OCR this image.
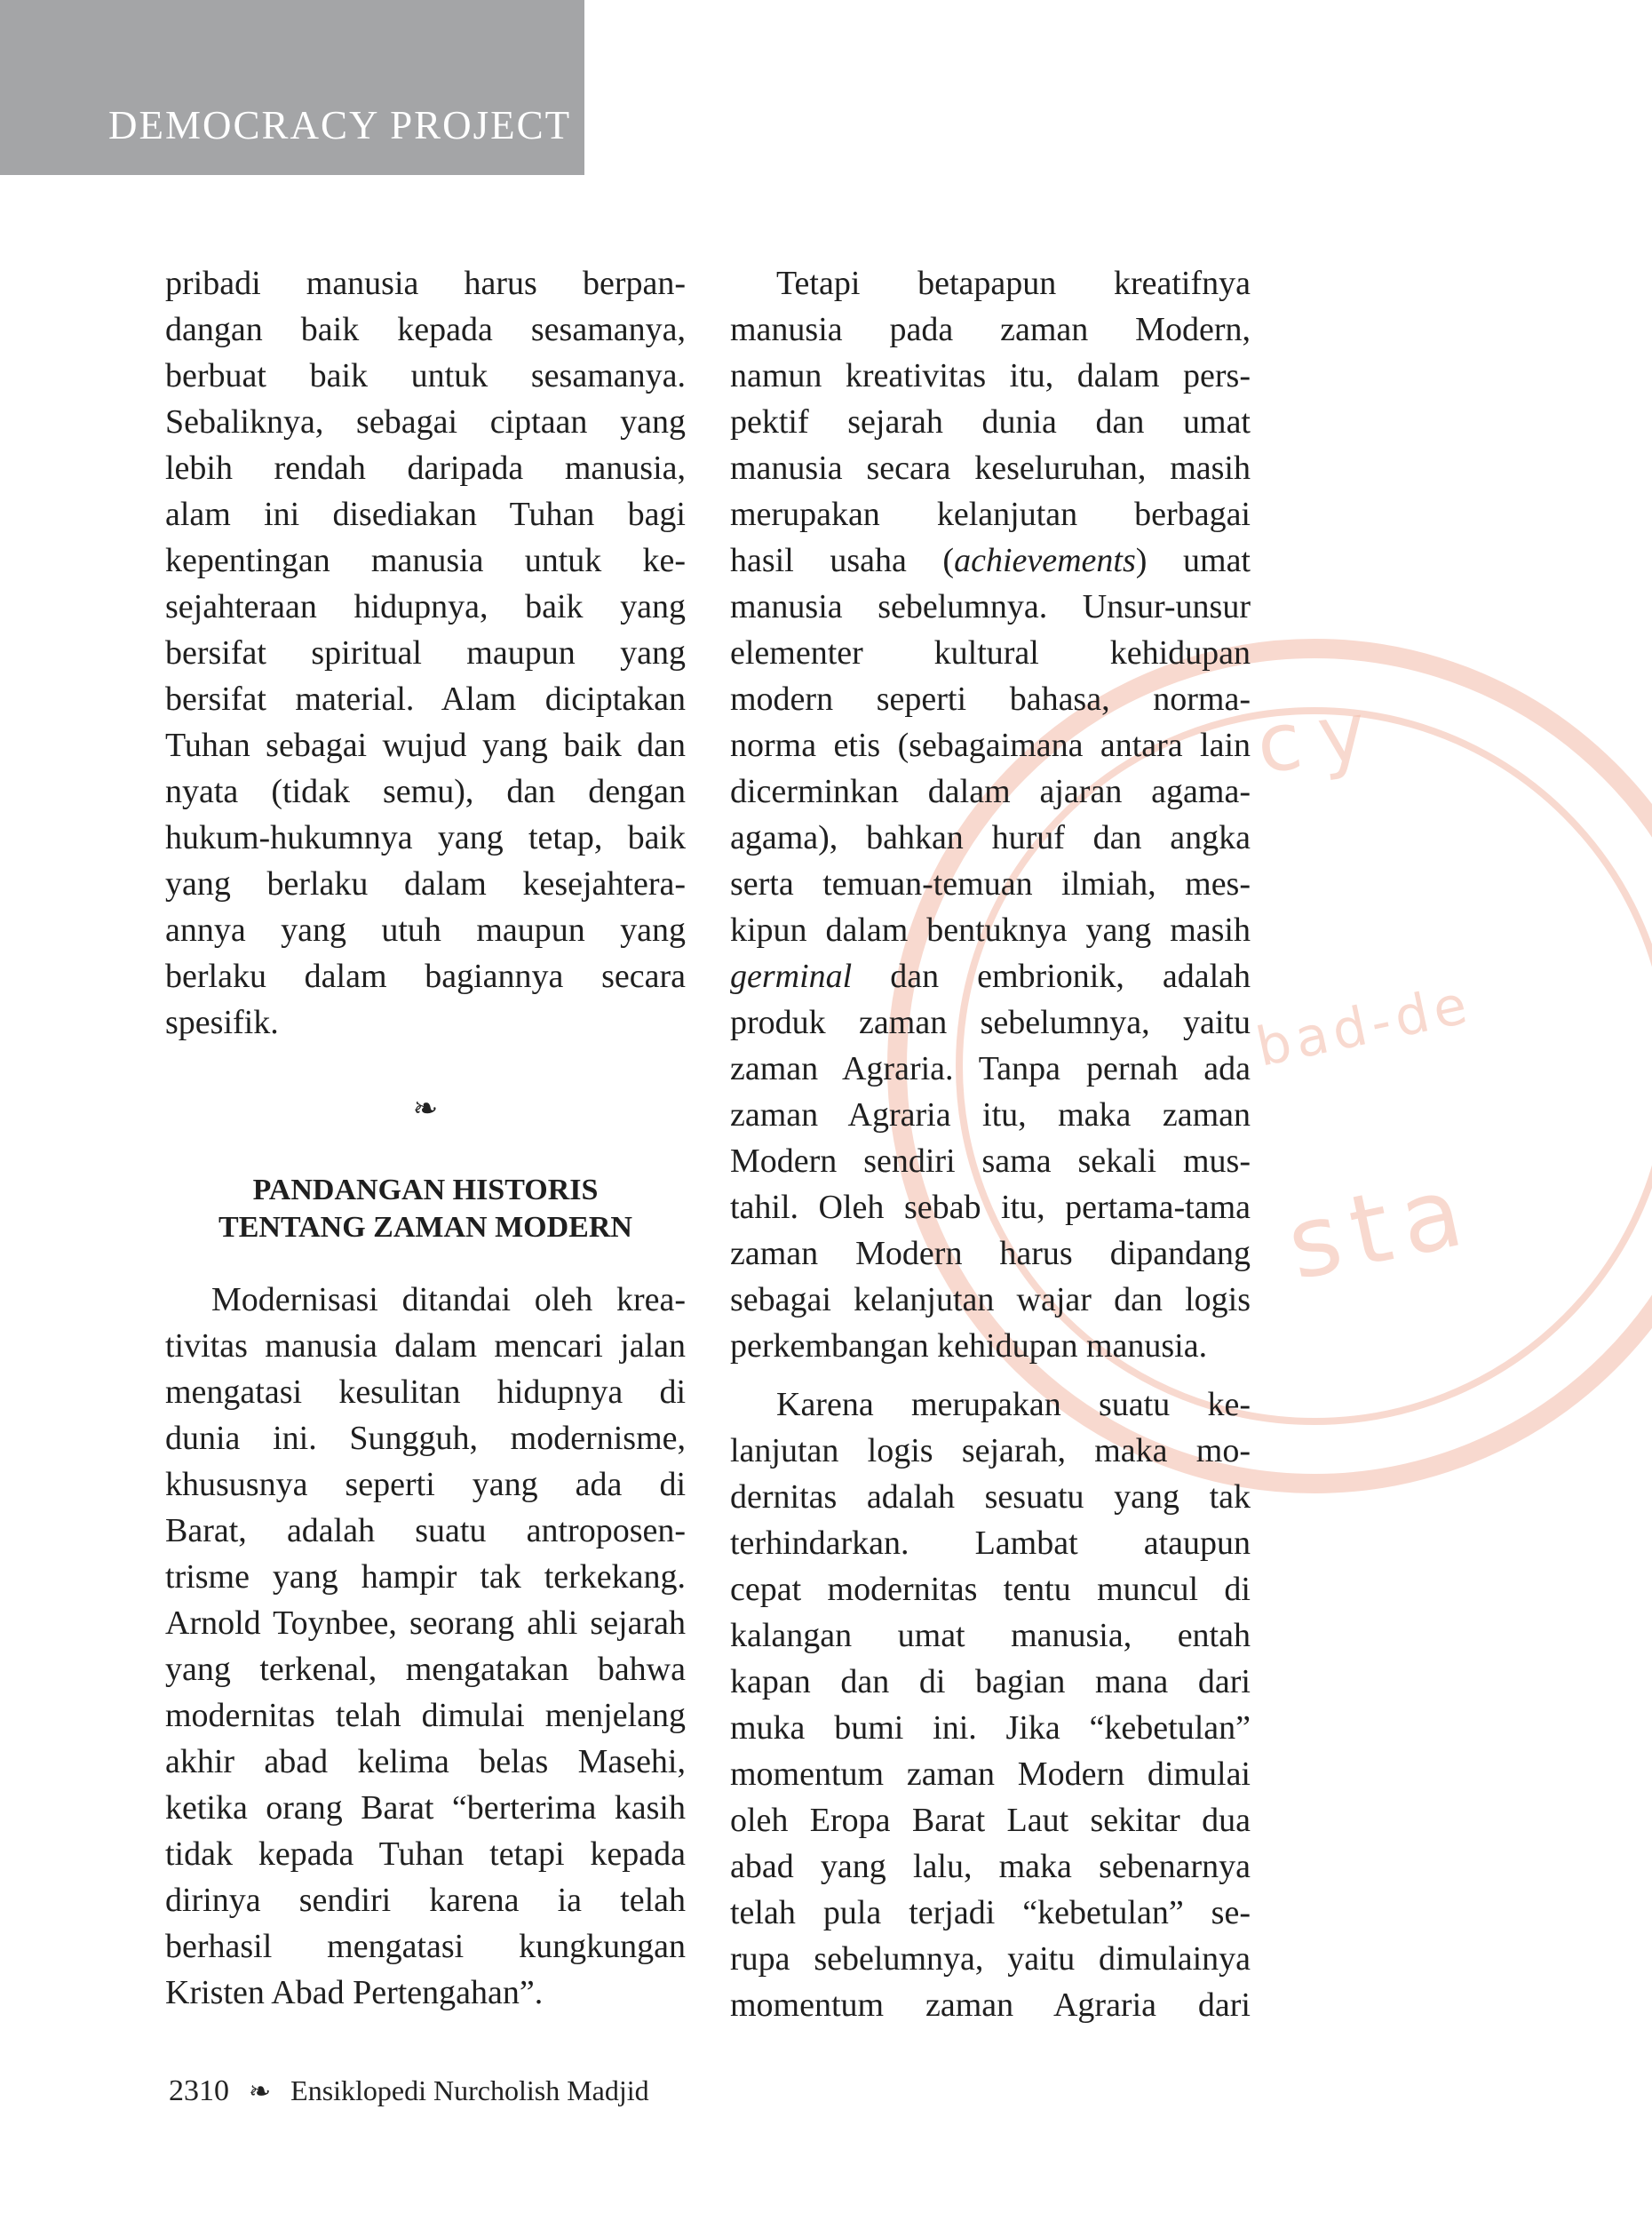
DEMOCRACY PROJECT
cy
bad-de
sta
pribadi manusia harus berpan-
dangan baik kepada sesamanya,
berbuat baik untuk sesamanya.
Sebaliknya, sebagai ciptaan yang
lebih rendah daripada manusia,
alam ini disediakan Tuhan bagi
kepentingan manusia untuk ke-
sejahteraan hidupnya, baik yang
bersifat spiritual maupun yang
bersifat material. Alam diciptakan
Tuhan sebagai wujud yang baik dan
nyata (tidak semu), dan dengan
hukum-hukumnya yang tetap, baik
yang berlaku dalam kesejahtera-
annya yang utuh maupun yang
berlaku dalam bagiannya secara
spesifik.
❧
PANDANGAN HISTORIS
TENTANG ZAMAN MODERN
Modernisasi ditandai oleh krea-
tivitas manusia dalam mencari jalan
mengatasi kesulitan hidupnya di
dunia ini. Sungguh, modernisme,
khususnya seperti yang ada di
Barat, adalah suatu antroposen-
trisme yang hampir tak terkekang.
Arnold Toynbee, seorang ahli sejarah
yang terkenal, mengatakan bahwa
modernitas telah dimulai menjelang
akhir abad kelima belas Masehi,
ketika orang Barat “berterima kasih
tidak kepada Tuhan tetapi kepada
dirinya sendiri karena ia telah
berhasil mengatasi kungkungan
Kristen Abad Pertengahan”.
Tetapi betapapun kreatifnya
manusia pada zaman Modern,
namun kreativitas itu, dalam pers-
pektif sejarah dunia dan umat
manusia secara keseluruhan, masih
merupakan kelanjutan berbagai
hasil usaha (achievements) umat
manusia sebelumnya. Unsur-unsur
elementer kultural kehidupan
modern seperti bahasa, norma-
norma etis (sebagaimana antara lain
dicerminkan dalam ajaran agama-
agama), bahkan huruf dan angka
serta temuan-temuan ilmiah, mes-
kipun dalam bentuknya yang masih
germinal dan embrionik, adalah
produk zaman sebelumnya, yaitu
zaman Agraria. Tanpa pernah ada
zaman Agraria itu, maka zaman
Modern sendiri sama sekali mus-
tahil. Oleh sebab itu, pertama-tama
zaman Modern harus dipandang
sebagai kelanjutan wajar dan logis
perkembangan kehidupan manusia.
Karena merupakan suatu ke-
lanjutan logis sejarah, maka mo-
dernitas adalah sesuatu yang tak
terhindarkan. Lambat ataupun
cepat modernitas tentu muncul di
kalangan umat manusia, entah
kapan dan di bagian mana dari
muka bumi ini. Jika “kebetulan”
momentum zaman Modern dimulai
oleh Eropa Barat Laut sekitar dua
abad yang lalu, maka sebenarnya
telah pula terjadi “kebetulan” se-
rupa sebelumnya, yaitu dimulainya
momentum zaman Agraria dari
2310 ❧ Ensiklopedi Nurcholish Madjid
